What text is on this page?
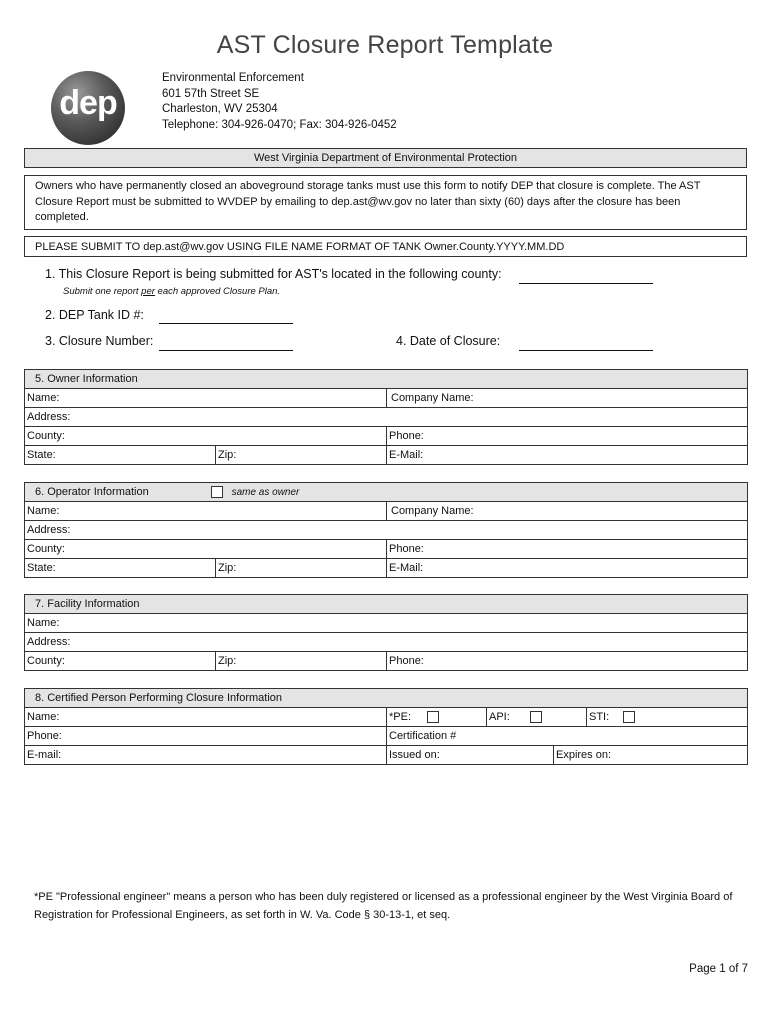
AST Closure Report Template
dep
Environmental Enforcement
601 57th Street SE
Charleston, WV 25304
Telephone: 304-926-0470; Fax: 304-926-0452
West Virginia Department of Environmental Protection
Owners who have permanently closed an aboveground storage tanks must use this form to notify DEP that closure is complete. The AST Closure Report must be submitted to WVDEP by emailing to dep.ast@wv.gov no later than sixty (60) days after the closure has been completed.
PLEASE SUBMIT TO dep.ast@wv.gov USING FILE NAME FORMAT OF TANK Owner.County.YYYY.MM.DD
1. This Closure Report is being submitted for AST's located in the following county:
Submit one report per each approved Closure Plan.
2. DEP Tank ID #:
3. Closure Number:	4. Date of Closure:
5. Owner Information		
Name:		Company Name:
Address:		
County:		Phone:
State:	Zip:	E-Mail:
6. Operator Information same as owner		

Name:		Company Name:
Address:		
County:		Phone:
State:	Zip:	E-Mail:
7. Facility Information
Name:
Address:
County:	Zip:	Phone:
8. Certified Person Performing Closure Information				
Name:	*PE:	API:		STI:
Phone:	Certification #			
E-mail:	Issued on:		Expires on:	
*PE "Professional engineer" means a person who has been duly registered or licensed as a professional engineer by the West Virginia Board of Registration for Professional Engineers, as set forth in W. Va. Code § 30-13-1, et seq.
Page 1 of 7
